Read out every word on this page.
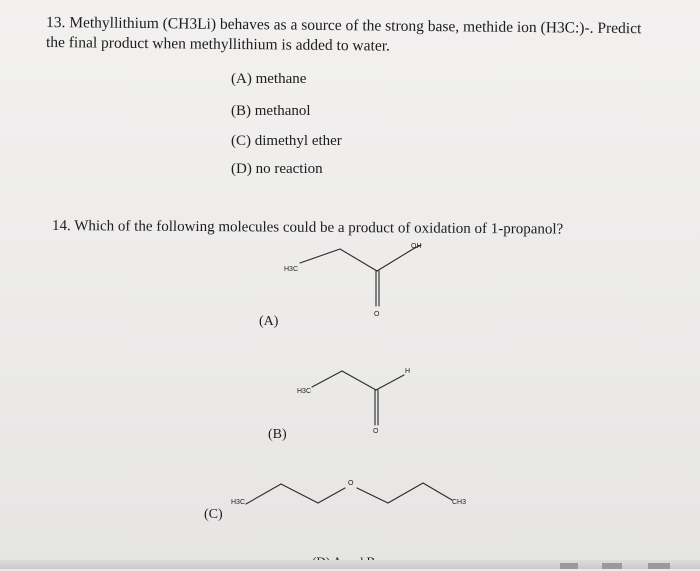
13. Methyllithium (CH3Li) behaves as a source of the strong base, methide ion (H3C:)-. Predict
the final product when methyllithium is added to water.
(A) methane
(B) methanol
(C) dimethyl ether
(D) no reaction
14. Which of the following molecules could be a product of oxidation of 1-propanol?
OH
H3C
O
(A)
H
H3C
O
(B)
H3C
O
CH3
(C)
